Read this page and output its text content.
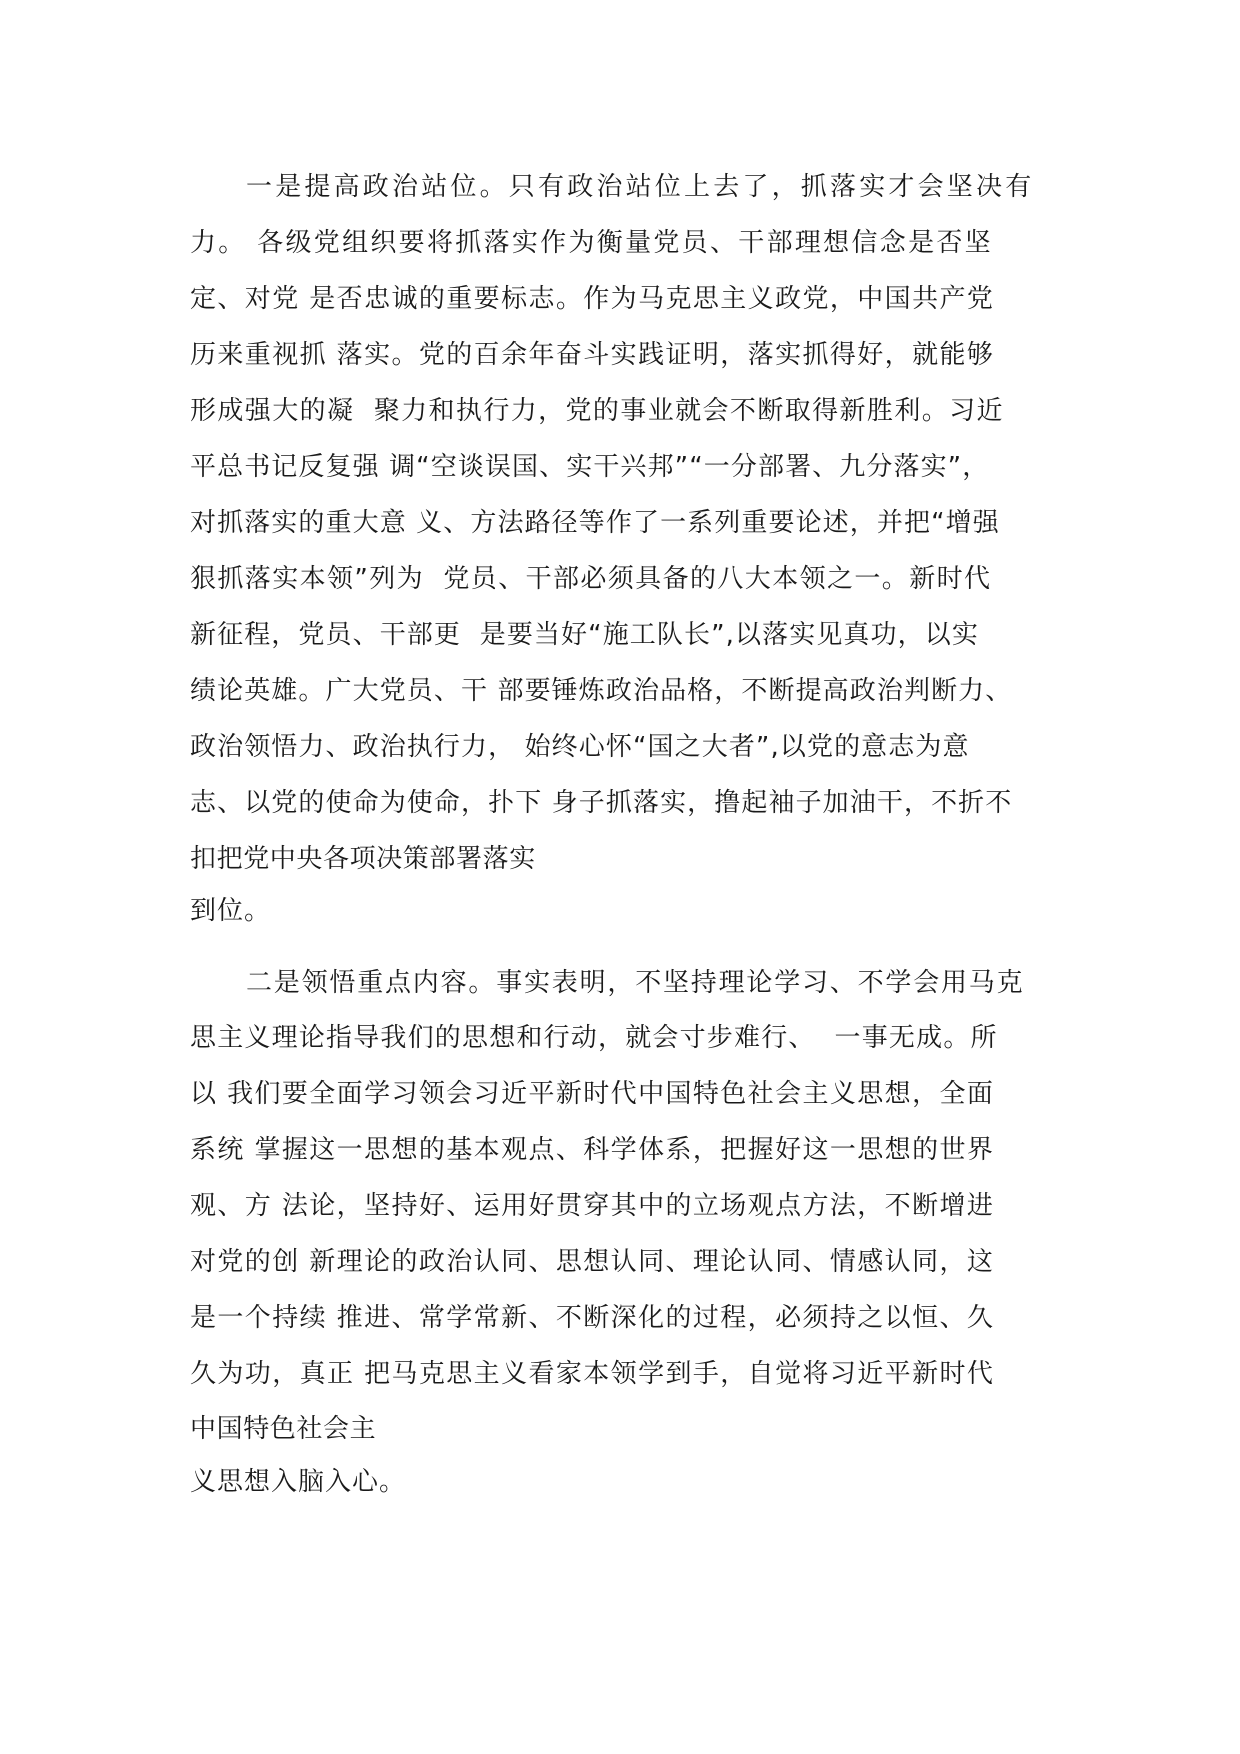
一是提高政治站位。只有政治站位上去了，抓落实才会坚决有
力。 各级党组织要将抓落实作为衡量党员、干部理想信念是否坚
定、对党 是否忠诚的重要标志。作为马克思主义政党，中国共产党
历来重视抓 落实。党的百余年奋斗实践证明，落实抓得好，就能够
形成强大的凝  聚力和执行力，党的事业就会不断取得新胜利。习近
平总书记反复强 调“空谈误国、实干兴邦”“一分部署、九分落实”，
对抓落实的重大意 义、方法路径等作了一系列重要论述，并把“增强
狠抓落实本领”列为  党员、干部必须具备的八大本领之一。新时代
新征程，党员、干部更  是要当好“施工队长”,以落实见真功，以实
绩论英雄。广大党员、干 部要锤炼政治品格，不断提高政治判断力、
政治领悟力、政治执行力， 始终心怀“国之大者”,以党的意志为意
志、以党的使命为使命，扑下 身子抓落实，撸起袖子加油干，不折不
扣把党中央各项决策部署落实
到位。
二是领悟重点内容。事实表明，不坚持理论学习、不学会用马克
思主义理论指导我们的思想和行动，就会寸步难行、  一事无成。所
以 我们要全面学习领会习近平新时代中国特色社会主义思想，全面
系统 掌握这一思想的基本观点、科学体系，把握好这一思想的世界
观、方 法论，坚持好、运用好贯穿其中的立场观点方法，不断增进
对党的创 新理论的政治认同、思想认同、理论认同、情感认同，这
是一个持续 推进、常学常新、不断深化的过程，必须持之以恒、久
久为功，真正 把马克思主义看家本领学到手，自觉将习近平新时代
中国特色社会主
义思想入脑入心。
